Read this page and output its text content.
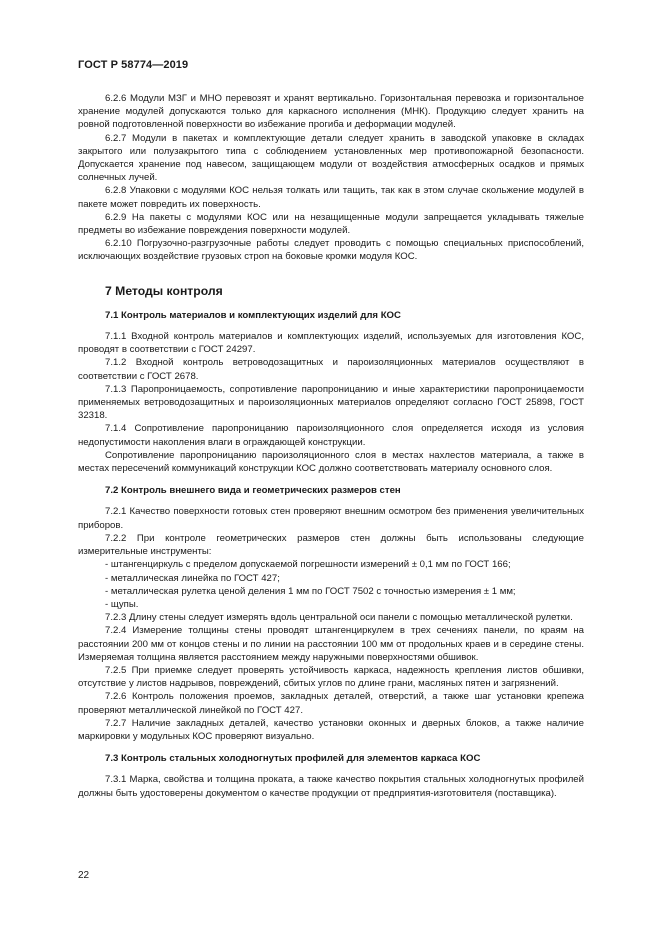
ГОСТ Р 58774—2019

6.2.6 Модули МЗГ и МНО перевозят и хранят вертикально. Горизонтальная перевозка и горизонтальное хранение модулей допускаются только для каркасного исполнения (МНК). Продукцию следует хранить на ровной подготовленной поверхности во избежание прогиба и деформации модулей.

6.2.7 Модули в пакетах и комплектующие детали следует хранить в заводской упаковке в складах закрытого или полузакрытого типа с соблюдением установленных мер противопожарной безопасности. Допускается хранение под навесом, защищающем модули от воздействия атмосферных осадков и прямых солнечных лучей.

6.2.8 Упаковки с модулями КОС нельзя толкать или тащить, так как в этом случае скольжение модулей в пакете может повредить их поверхность.

6.2.9 На пакеты с модулями КОС или на незащищенные модули запрещается укладывать тяжелые предметы во избежание повреждения поверхности модулей.

6.2.10 Погрузочно-разгрузочные работы следует проводить с помощью специальных приспособлений, исключающих воздействие грузовых строп на боковые кромки модуля КОС.

7 Методы контроля
7.1 Контроль материалов и комплектующих изделий для КОС

7.1.1 Входной контроль материалов и комплектующих изделий, используемых для изготовления КОС, проводят в соответствии с ГОСТ 24297.

7.1.2 Входной контроль ветроводозащитных и пароизоляционных материалов осуществляют в соответствии с ГОСТ 2678.

7.1.3 Паропроницаемость, сопротивление паропроницанию и иные характеристики паропроницаемости применяемых ветроводозащитных и пароизоляционных материалов определяют согласно ГОСТ 25898, ГОСТ 32318.

7.1.4 Сопротивление паропроницанию пароизоляционного слоя определяется исходя из условия недопустимости накопления влаги в ограждающей конструкции.

Сопротивление паропроницанию пароизоляционного слоя в местах нахлестов материала, а также в местах пересечений коммуникаций конструкции КОС должно соответствовать материалу основного слоя.

7.2 Контроль внешнего вида и геометрических размеров стен

7.2.1 Качество поверхности готовых стен проверяют внешним осмотром без применения увеличительных приборов.

7.2.2 При контроле геометрических размеров стен должны быть использованы следующие измерительные инструменты:

- штангенциркуль с пределом допускаемой погрешности измерений ± 0,1 мм по ГОСТ 166;

- металлическая линейка по ГОСТ 427;

- металлическая рулетка ценой деления 1 мм по ГОСТ 7502 с точностью измерения ± 1 мм;

- щупы.

7.2.3 Длину стены следует измерять вдоль центральной оси панели с помощью металлической рулетки.

7.2.4 Измерение толщины стены проводят штангенциркулем в трех сечениях панели, по краям на расстоянии 200 мм от концов стены и по линии на расстоянии 100 мм от продольных краев и в середине стены. Измеряемая толщина является расстоянием между наружными поверхностями обшивок.

7.2.5 При приемке следует проверять устойчивость каркаса, надежность крепления листов обшивки, отсутствие у листов надрывов, повреждений, сбитых углов по длине грани, масляных пятен и загрязнений.

7.2.6 Контроль положения проемов, закладных деталей, отверстий, а также шаг установки крепежа проверяют металлической линейкой по ГОСТ 427.

7.2.7 Наличие закладных деталей, качество установки оконных и дверных блоков, а также наличие маркировки у модульных КОС проверяют визуально.

7.3 Контроль стальных холодногнутых профилей для элементов каркаса КОС

7.3.1 Марка, свойства и толщина проката, а также качество покрытия стальных холодногнутых профилей должны быть удостоверены документом о качестве продукции от предприятия-изготовителя (поставщика).

22
